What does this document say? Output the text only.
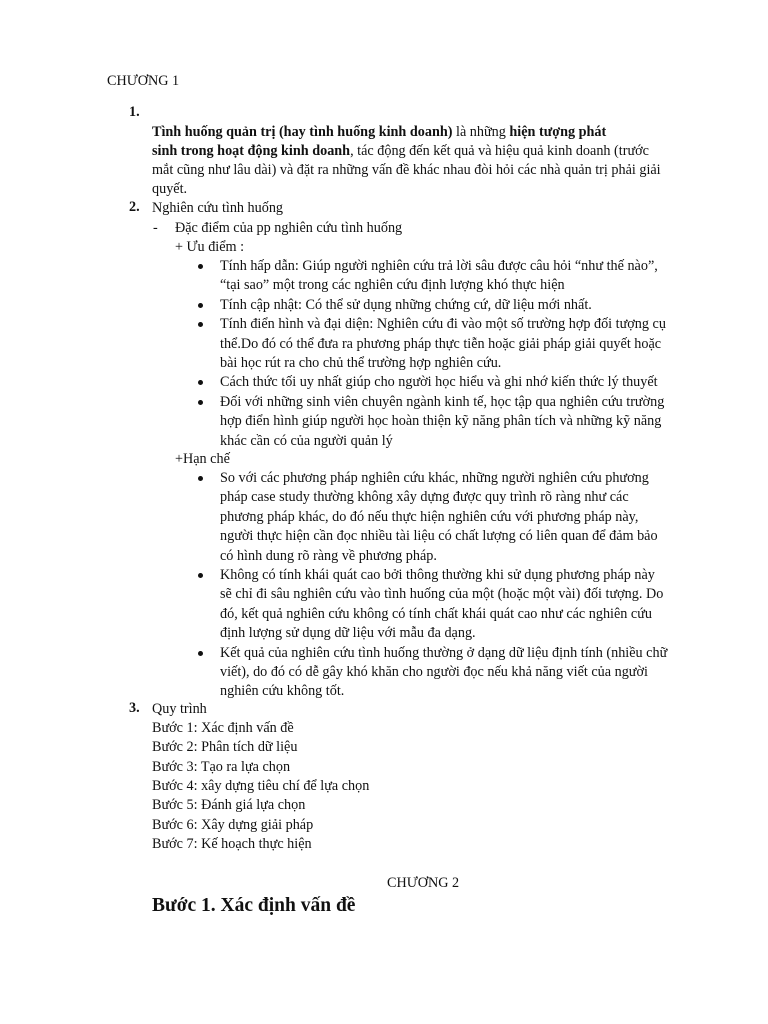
CHƯƠNG 1
1.
Tình huống quản trị (hay tình huống kinh doanh) là những hiện tượng phát
sinh trong hoạt động kinh doanh, tác động đến kết quả và hiệu quả kinh doanh (trước
mắt cũng như lâu dài) và đặt ra những vấn đề khác nhau đòi hỏi các nhà quản trị phải giải
quyết.
2. Nghiên cứu tình huống
- Đặc điểm của pp nghiên cứu tình huống
+ Ưu điểm :
Tính hấp dẫn: Giúp người nghiên cứu trả lời sâu được câu hỏi “như thế nào”,
“tại sao” một trong các nghiên cứu định lượng khó thực hiện
Tính cập nhật: Có thể sử dụng những chứng cứ, dữ liệu mới nhất.
Tính điển hình và đại diện: Nghiên cứu đi vào một số trường hợp đối tượng cụ
thể.Do đó có thể đưa ra phương pháp thực tiễn hoặc giải pháp giải quyết hoặc
bài học rút ra cho chủ thể trường hợp nghiên cứu.
Cách thức tối uy nhất giúp cho người học hiểu và ghi nhớ kiến thức lý thuyết
Đối với những sinh viên chuyên ngành kinh tế, học tập qua nghiên cứu trường
hợp điển hình giúp người học hoàn thiện kỹ năng phân tích và những kỹ năng
khác cần có của người quản lý
+Hạn chế
So với các phương pháp nghiên cứu khác, những người nghiên cứu phương
pháp case study thường không xây dựng được quy trình rõ ràng như các
phương pháp khác, do đó nếu thực hiện nghiên cứu với phương pháp này,
người thực hiện cần đọc nhiều tài liệu có chất lượng có liên quan để đảm bảo
có hình dung rõ ràng về phương pháp.
Không có tính khái quát cao bởi thông thường khi sử dụng phương pháp này
sẽ chỉ đi sâu nghiên cứu vào tình huống của một (hoặc một vài) đối tượng. Do
đó, kết quả nghiên cứu không có tính chất khái quát cao như các nghiên cứu
định lượng sử dụng dữ liệu với mẫu đa dạng.
Kết quả của nghiên cứu tình huống thường ở dạng dữ liệu định tính (nhiều chữ
viết), do đó có dễ gây khó khăn cho người đọc nếu khả năng viết của người
nghiên cứu không tốt.
3. Quy trình
Bước 1: Xác định vấn đề
Bước 2: Phân tích dữ liệu
Bước 3: Tạo ra lựa chọn
Bước 4: xây dựng tiêu chí để lựa chọn
Bước 5: Đánh giá lựa chọn
Bước 6: Xây dựng giải pháp
Bước 7: Kế hoạch thực hiện
CHƯƠNG 2
Bước 1. Xác định vấn đề
